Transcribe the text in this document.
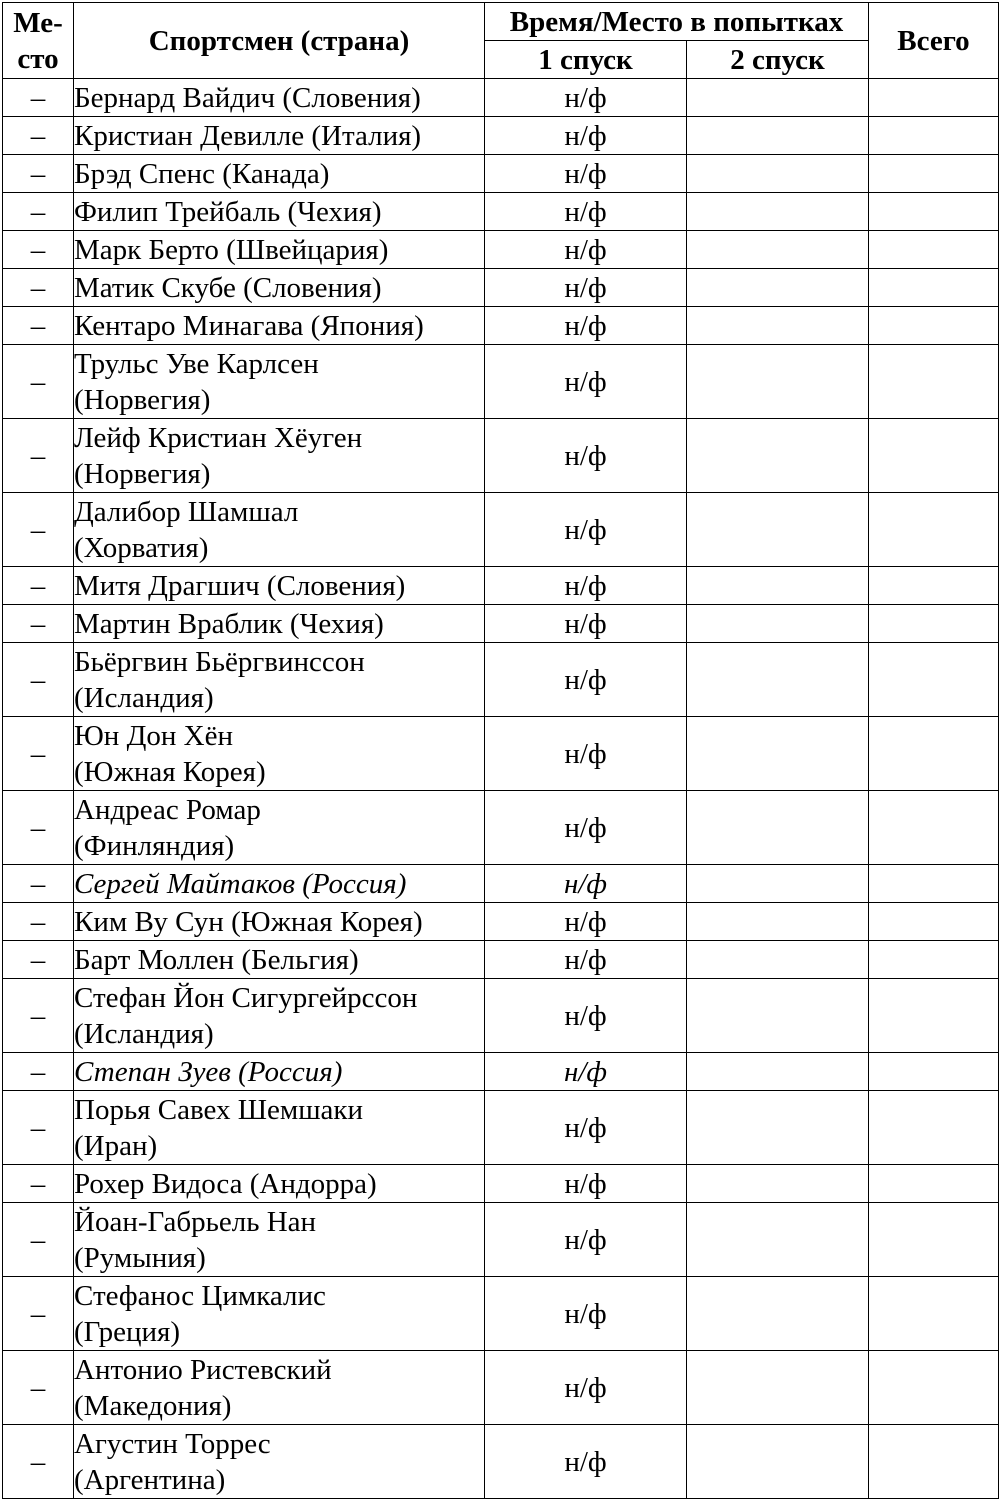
Ме-
сто	Спортсмен (страна)	Время/Место в попытках		Всего
		1 спуск	2 спуск	
–	Бернард Вайдич (Словения)	н/ф		
–	Кристиан Девилле (Италия)	н/ф		
–	Брэд Спенс (Канада)	н/ф		
–	Филип Трейбаль (Чехия)	н/ф		
–	Марк Берто (Швейцария)	н/ф		
–	Матик Скубе (Словения)	н/ф		
–	Кентаро Минагава (Япония)	н/ф		
–	Трульс Уве Карлсен
(Норвегия)	н/ф		
–	Лейф Кристиан Хёуген
(Норвегия)	н/ф		
–	Далибор Шамшал
(Хорватия)	н/ф		
–	Митя Драгшич (Словения)	н/ф		
–	Мартин Враблик (Чехия)	н/ф		
–	Бьёргвин Бьёргвинссон
(Исландия)	н/ф		
–	Юн Дон Хён
(Южная Корея)	н/ф		
–	Андреас Ромар
(Финляндия)	н/ф		
–	Сергей Майтаков (Россия)	н/ф		
–	Ким Ву Сун (Южная Корея)	н/ф		
–	Барт Моллен (Бельгия)	н/ф		
–	Стефан Йон Сигургейрссон
(Исландия)	н/ф		
–	Степан Зуев (Россия)	н/ф		
–	Порья Савех Шемшаки
(Иран)	н/ф		
–	Рохер Видоса (Андорра)	н/ф		
–	Йоан-Габрьель Нан
(Румыния)	н/ф		
–	Стефанос Цимкалис
(Греция)	н/ф		
–	Антонио Ристевский
(Македония)	н/ф		
–	Агустин Торрес
(Аргентина)	н/ф		
